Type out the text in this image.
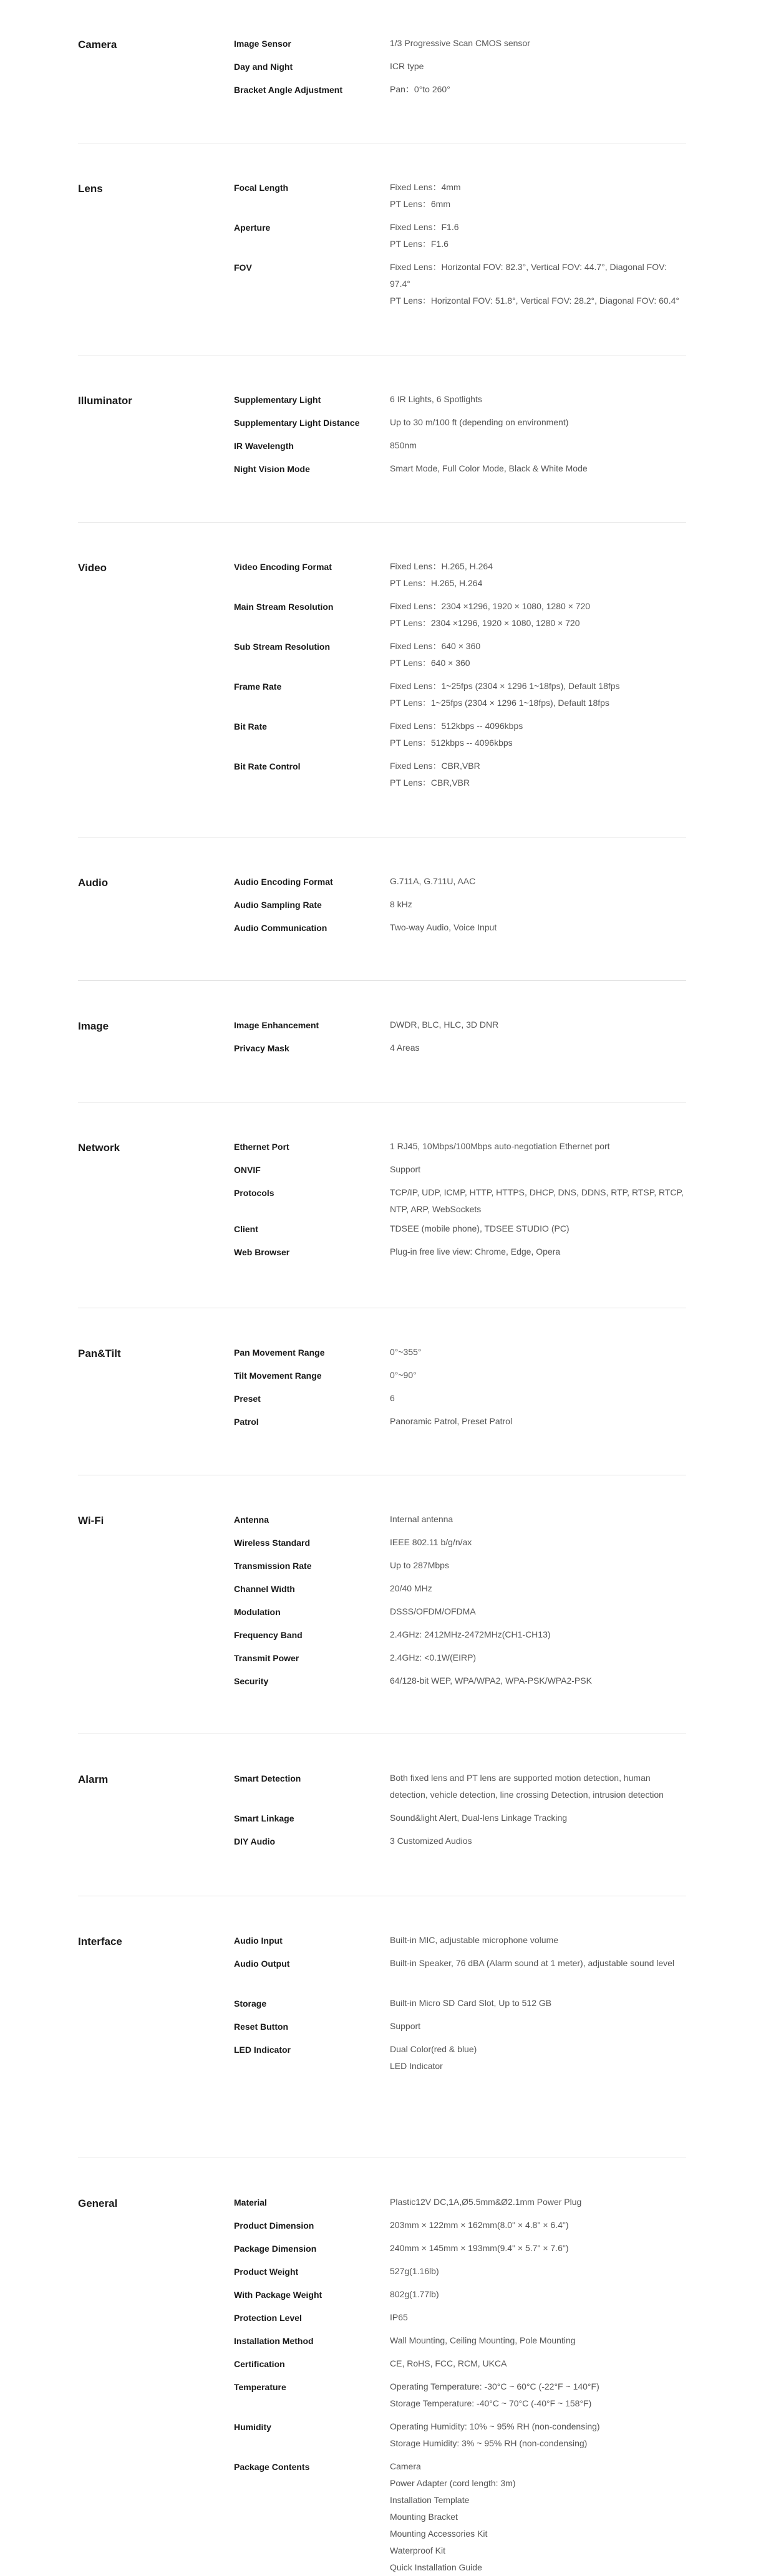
Camera	Image Sensor	1/3 Progressive Scan CMOS sensor
Day and Night	ICR type
Bracket Angle Adjustment	Pan：0°to 260°
Lens	Focal Length	Fixed Lens：4mm
PT Lens：6mm
Aperture	Fixed Lens：F1.6
PT Lens：F1.6
FOV	Fixed Lens：Horizontal FOV: 82.3°, Vertical FOV: 44.7°, Diagonal FOV: 97.4°
PT Lens：Horizontal FOV: 51.8°, Vertical FOV: 28.2°, Diagonal FOV: 60.4°
Illuminator	Supplementary Light	6 IR Lights, 6 Spotlights
Supplementary Light Distance	Up to 30 m/100 ft (depending on environment)
IR Wavelength	850nm
Night Vision Mode	Smart Mode, Full Color Mode, Black & White Mode
Video	Video Encoding Format	Fixed Lens：H.265, H.264
PT Lens：H.265, H.264
Main Stream Resolution	Fixed Lens：2304 ×1296, 1920 × 1080, 1280 × 720
PT Lens：2304 ×1296, 1920 × 1080, 1280 × 720
Sub Stream Resolution	Fixed Lens：640 × 360
PT Lens：640 × 360
Frame Rate	Fixed Lens：1~25fps (2304 × 1296 1~18fps), Default 18fps
PT Lens：1~25fps (2304 × 1296 1~18fps), Default 18fps
Bit Rate	Fixed Lens：512kbps -- 4096kbps
PT Lens：512kbps -- 4096kbps
Bit Rate Control	Fixed Lens：CBR,VBR
PT Lens：CBR,VBR
Audio	Audio Encoding Format	G.711A, G.711U, AAC
Audio Sampling Rate	8 kHz
Audio Communication	Two-way Audio, Voice Input
Image	Image Enhancement	DWDR, BLC, HLC, 3D DNR
Privacy Mask	4 Areas
Network	Ethernet Port	1 RJ45, 10Mbps/100Mbps auto-negotiation Ethernet port
ONVIF	Support
Protocols	TCP/IP, UDP, ICMP, HTTP, HTTPS, DHCP, DNS, DDNS, RTP, RTSP, RTCP, NTP, ARP, WebSockets
Client	TDSEE (mobile phone), TDSEE STUDIO (PC)
Web Browser	Plug-in free live view: Chrome, Edge, Opera
Pan&Tilt	Pan Movement Range	0°~355°
Tilt Movement Range	0°~90°
Preset	6
Patrol	Panoramic Patrol, Preset Patrol
Wi-Fi	Antenna	Internal antenna
Wireless Standard	IEEE 802.11 b/g/n/ax
Transmission Rate	Up to 287Mbps
Channel Width	20/40 MHz
Modulation	DSSS/OFDM/OFDMA
Frequency Band	2.4GHz: 2412MHz-2472MHz(CH1-CH13)
Transmit Power	2.4GHz: <0.1W(EIRP)
Security	64/128-bit WEP, WPA/WPA2, WPA-PSK/WPA2-PSK
Alarm	Smart Detection	Both fixed lens and PT lens are supported motion detection, human detection, vehicle detection, line crossing Detection, intrusion detection
Smart Linkage	Sound&light Alert, Dual-lens Linkage Tracking
DIY Audio	3 Customized Audios
Interface	Audio Input	Built-in MIC, adjustable microphone volume
Audio Output	Built-in Speaker, 76 dBA (Alarm sound at 1 meter), adjustable sound level
Storage	Built-in Micro SD Card Slot, Up to 512 GB
Reset Button	Support
LED Indicator	Dual Color(red & blue)
LED Indicator
General	Material	Plastic12V DC,1A,Ø5.5mm&Ø2.1mm Power Plug
Product Dimension	203mm × 122mm × 162mm(8.0" × 4.8" × 6.4")
Package Dimension	240mm × 145mm × 193mm(9.4" × 5.7" × 7.6")
Product Weight	527g(1.16lb)
With Package Weight	802g(1.77lb)
Protection Level	IP65
Installation Method	Wall Mounting, Ceiling Mounting, Pole Mounting
Certification	CE, RoHS, FCC, RCM, UKCA
Temperature	Operating Temperature: -30°C ~ 60°C (-22°F ~ 140°F)
Storage Temperature: -40°C ~ 70°C (-40°F ~ 158°F)
Humidity	Operating Humidity: 10% ~ 95% RH (non-condensing)
Storage Humidity: 3% ~ 95% RH (non-condensing)
Package Contents	Camera
Power Adapter (cord length: 3m)
Installation Template
Mounting Bracket
Mounting Accessories Kit
Waterproof Kit
Quick Installation Guide
